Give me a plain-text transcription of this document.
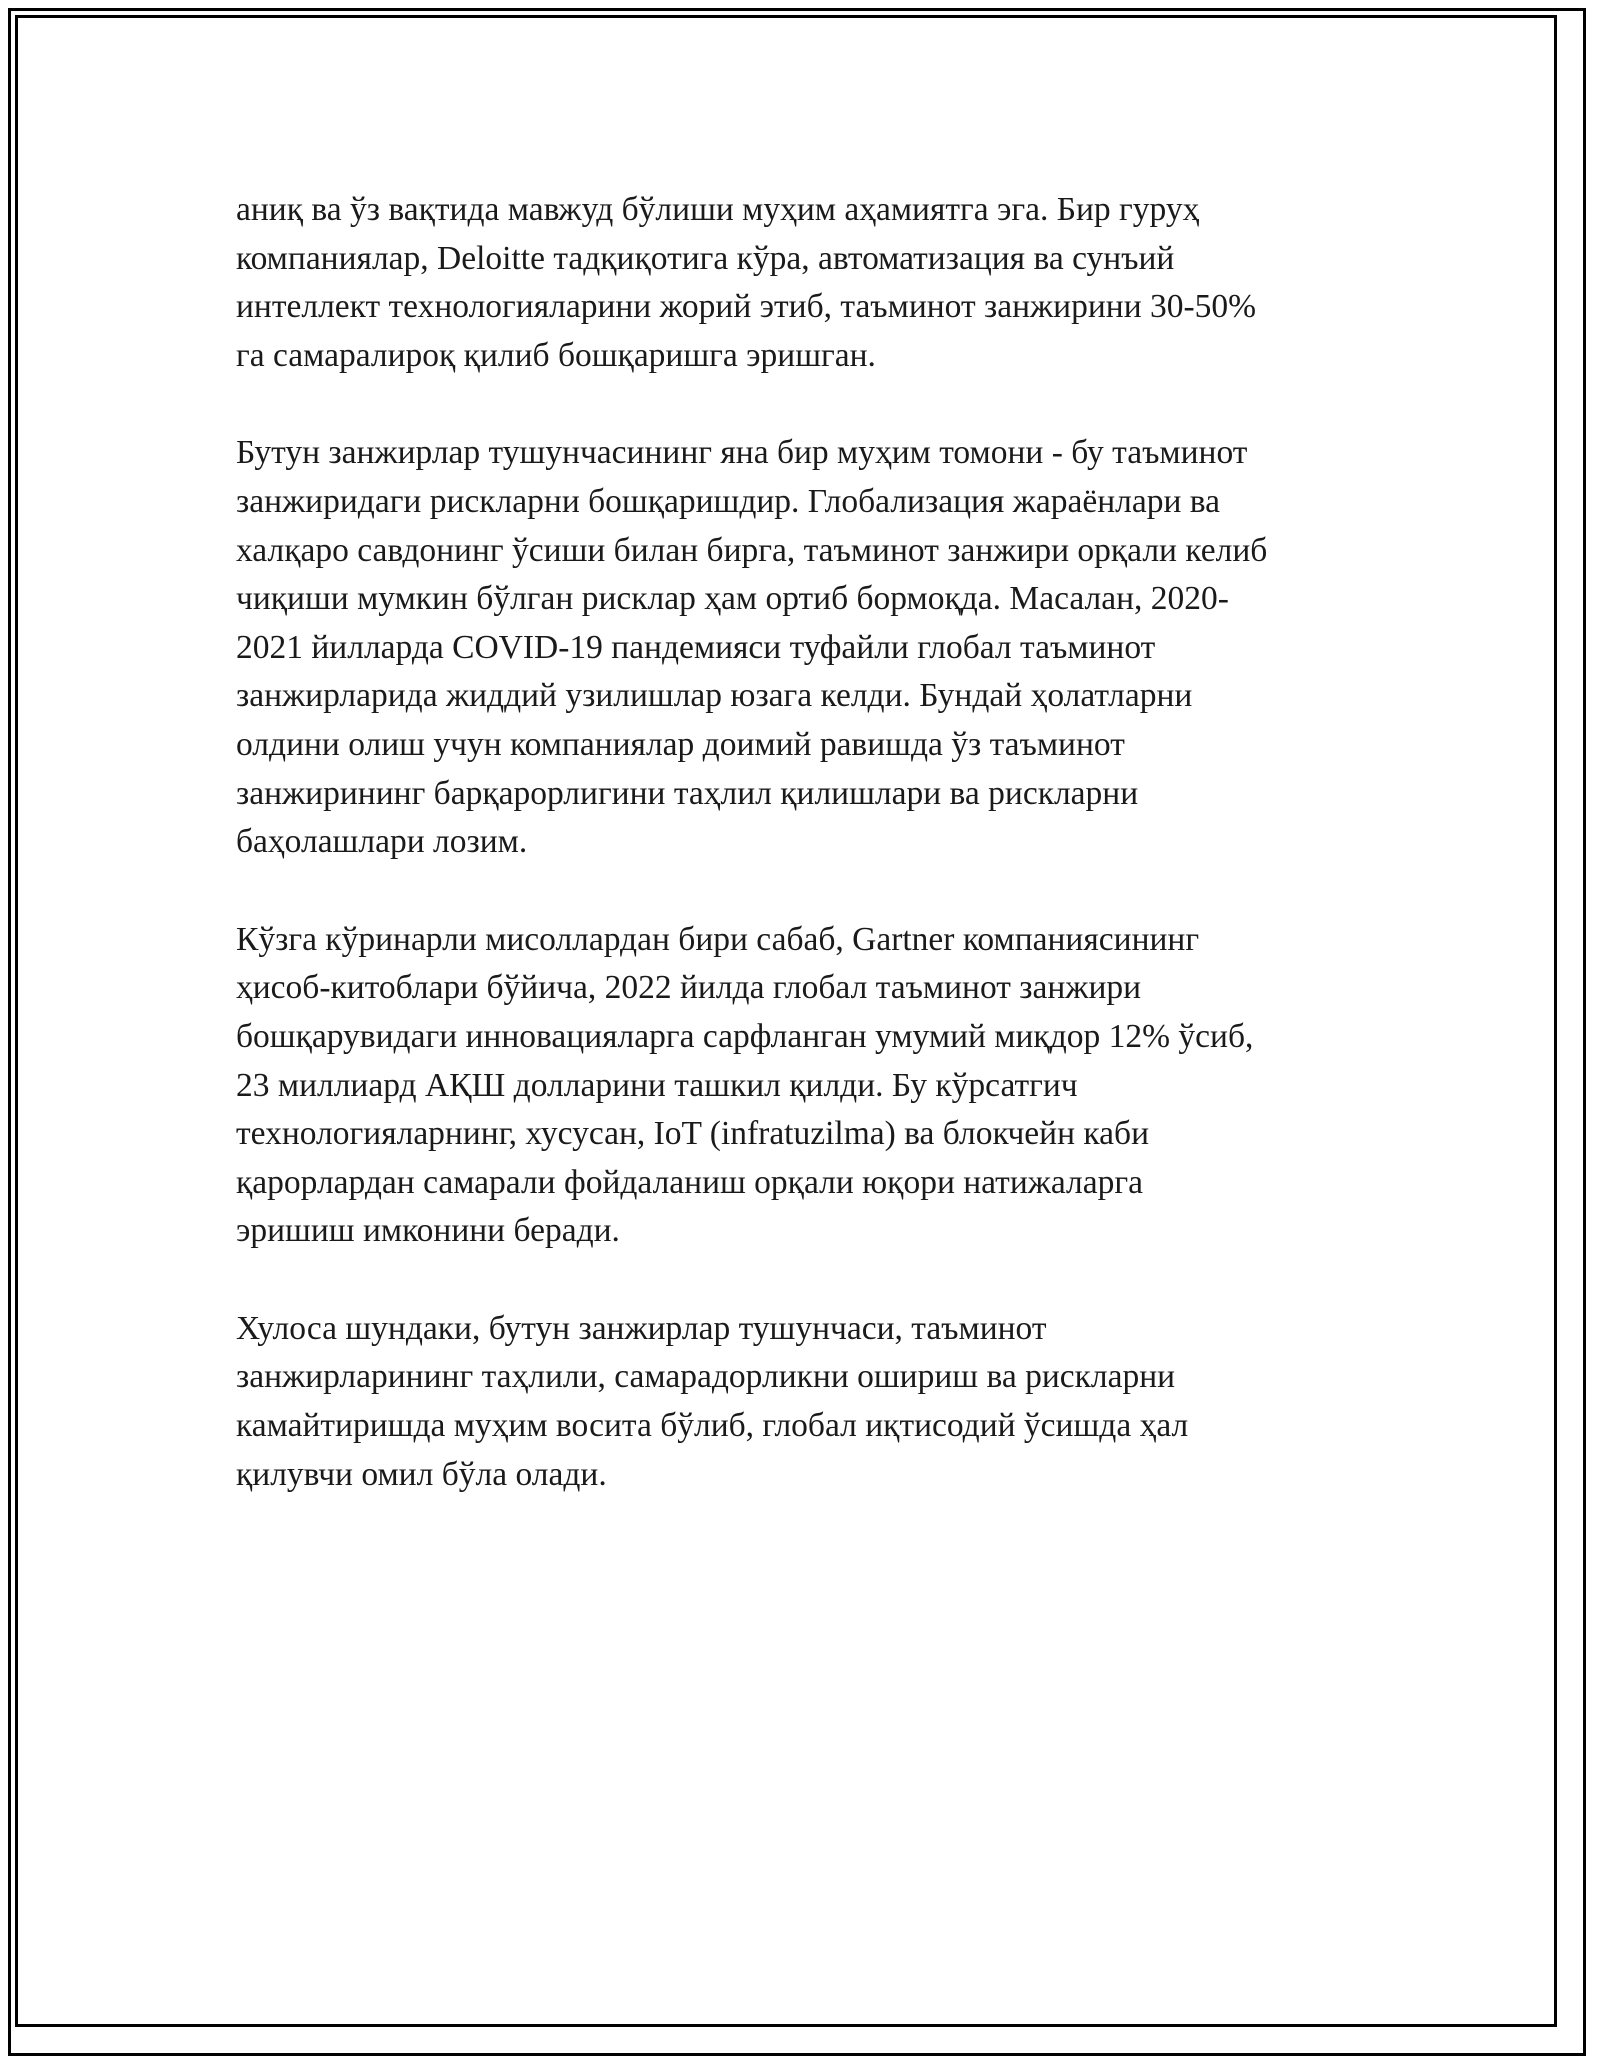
аниқ ва ўз вақтида мавжуд бўлиши муҳим аҳамиятга эга. Бир гуруҳ
компаниялар, Deloitte тадқиқотига кўра, автоматизация ва сунъий
интеллект технологияларини жорий этиб, таъминот занжирини 30-50%
га самаралироқ қилиб бошқаришга эришган.

Бутун занжирлар тушунчасининг яна бир муҳим томони - бу таъминот
занжиридаги рискларни бошқаришдир. Глобализация жараёнлари ва
халқаро савдонинг ўсиши билан бирга, таъминот занжири орқали келиб
чиқиши мумкин бўлган рисклар ҳам ортиб бормоқда. Масалан, 2020-
2021 йилларда COVID-19 пандемияси туфайли глобал таъминот
занжирларида жиддий узилишлар юзага келди. Бундай ҳолатларни
олдини олиш учун компаниялар доимий равишда ўз таъминот
занжирининг барқарорлигини таҳлил қилишлари ва рискларни
баҳолашлари лозим.

Кўзга кўринарли мисоллардан бири сабаб, Gartner компаниясининг
ҳисоб-китоблари бўйича, 2022 йилда глобал таъминот занжири
бошқарувидаги инновацияларга сарфланган умумий миқдор 12% ўсиб,
23 миллиард АҚШ долларини ташкил қилди. Бу кўрсатгич
технологияларнинг, хусусан, IoT (infratuzilma) ва блокчейн каби
қарорлардан самарали фойдаланиш орқали юқори натижаларга
эришиш имконини беради.

Хулоса шундаки, бутун занжирлар тушунчаси, таъминот
занжирларининг таҳлили, самарадорликни ошириш ва рискларни
камайтиришда муҳим восита бўлиб, глобал иқтисодий ўсишда ҳал
қилувчи омил бўла олади.
